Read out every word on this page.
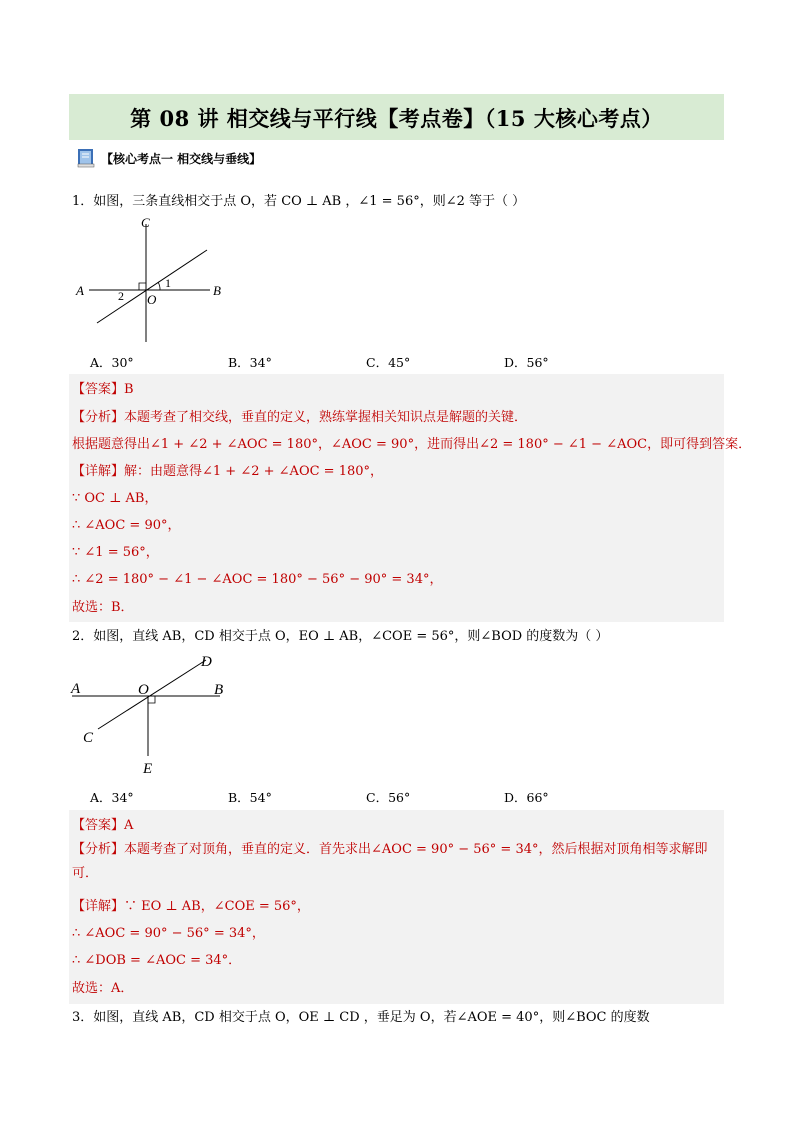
第 08 讲 相交线与平行线【考点卷】（15 大核心考点）
【核心考点一 相交线与垂线】
1．如图，三条直线相交于点 O，若 CO ⊥ AB ，∠1 = 56°，则∠2 等于（ ）
C
A	B
O
1
2
A．30°	B．34°	C．45°	D．56°
【答案】B
【分析】本题考查了相交线，垂直的定义，熟练掌握相关知识点是解题的关键．
根据题意得出∠1 + ∠2 + ∠AOC = 180°，∠AOC = 90°，进而得出∠2 = 180° − ∠1 − ∠AOC，即可得到答案．
【详解】解：由题意得∠1 + ∠2 + ∠AOC = 180°，
∵ OC ⊥ AB，
∴ ∠AOC = 90°，
∵ ∠1 = 56°，
∴ ∠2 = 180° − ∠1 − ∠AOC = 180° − 56° − 90° = 34°，
故选：B．
2．如图，直线 AB，CD 相交于点 O，EO ⊥ AB，∠COE = 56°，则∠BOD 的度数为（ ）
D
A	O	B
C
E
A．34°	B．54°	C．56°	D．66°
【答案】A
【分析】本题考查了对顶角，垂直的定义．首先求出∠AOC = 90° − 56° = 34°，然后根据对顶角相等求解即可．
【详解】∵ EO ⊥ AB，∠COE = 56°，
∴ ∠AOC = 90° − 56° = 34°，
∴ ∠DOB = ∠AOC = 34°．
故选：A．
3．如图，直线 AB，CD 相交于点 O，OE ⊥ CD ，垂足为 O，若∠AOE = 40°，则∠BOC 的度数
